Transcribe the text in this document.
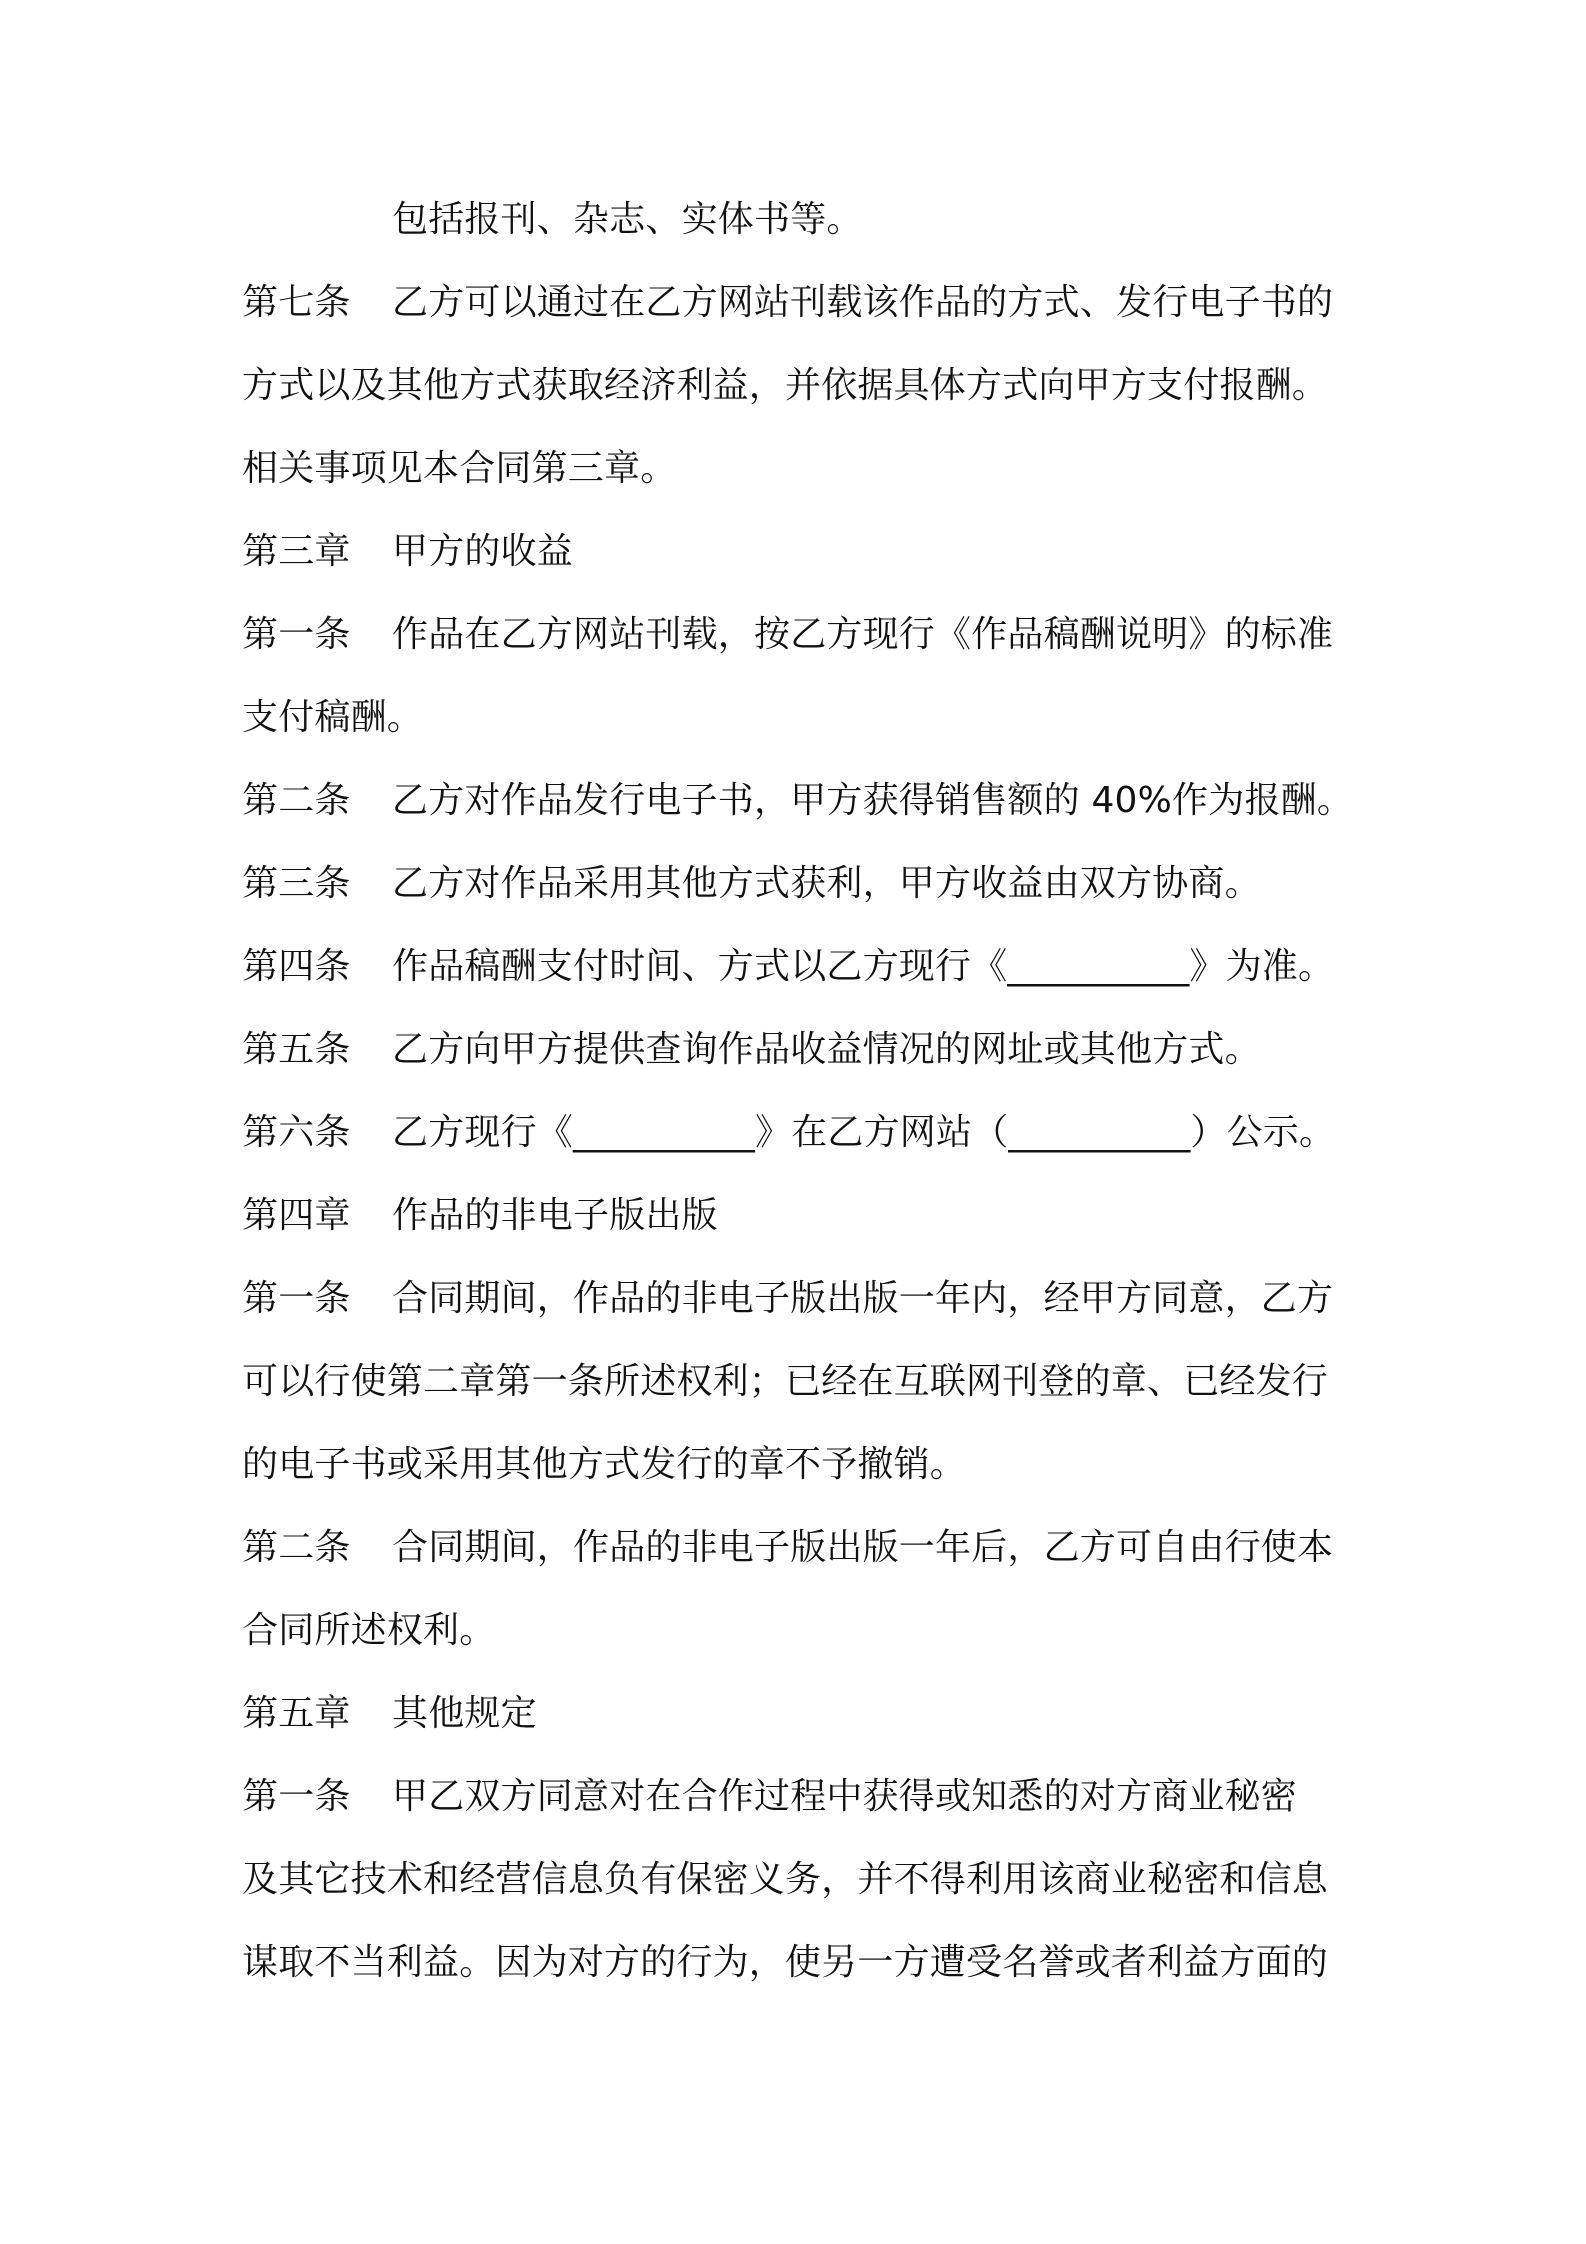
包括报刊、杂志、实体书等。
第七条 乙方可以通过在乙方网站刊载该作品的方式、发行电子书的
方式以及其他方式获取经济利益，并依据具体方式向甲方支付报酬。
相关事项见本合同第三章。
第三章 甲方的收益
第一条 作品在乙方网站刊载，按乙方现行《作品稿酬说明》的标准
支付稿酬。
第二条 乙方对作品发行电子书，甲方获得销售额的 40%作为报酬。
第三条 乙方对作品采用其他方式获利，甲方收益由双方协商。
第四条 作品稿酬支付时间、方式以乙方现行《__________》为准。
第五条 乙方向甲方提供查询作品收益情况的网址或其他方式。
第六条 乙方现行《__________》在乙方网站（__________）公示。
第四章 作品的非电子版出版
第一条 合同期间，作品的非电子版出版一年内，经甲方同意，乙方
可以行使第二章第一条所述权利；已经在互联网刊登的章、已经发行
的电子书或采用其他方式发行的章不予撤销。
第二条 合同期间，作品的非电子版出版一年后，乙方可自由行使本
合同所述权利。
第五章 其他规定
第一条 甲乙双方同意对在合作过程中获得或知悉的对方商业秘密
及其它技术和经营信息负有保密义务，并不得利用该商业秘密和信息
谋取不当利益。因为对方的行为，使另一方遭受名誉或者利益方面的
